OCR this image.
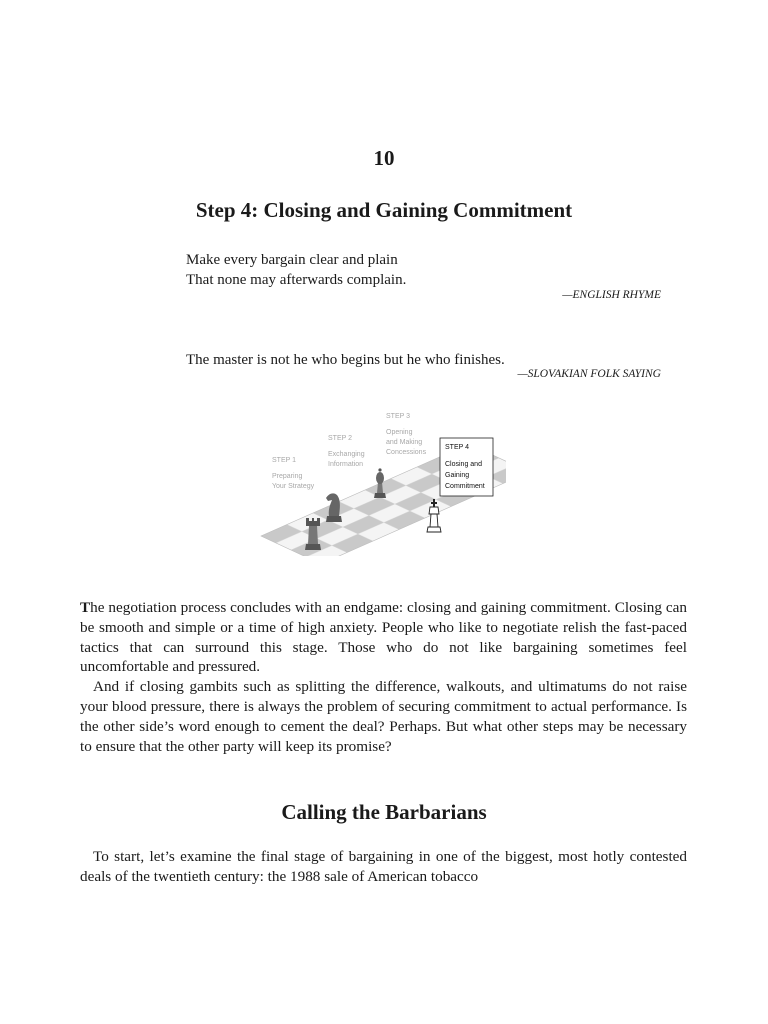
10
Step 4: Closing and Gaining Commitment
Make every bargain clear and plain
That none may afterwards complain.
—ENGLISH RHYME
The master is not he who begins but he who finishes.
—SLOVAKIAN FOLK SAYING
STEP 1
Preparing
Your Strategy
STEP 2
Exchanging
Information
STEP 3
Opening
and Making
Concessions
STEP 4
Closing and
Gaining
Commitment

The negotiation process concludes with an endgame: closing and gaining commitment. Closing can be smooth and simple or a time of high anxiety. People who like to negotiate relish the fast-paced tactics that can surround this stage. Those who do not like bargaining sometimes feel uncomfortable and pressured.

And if closing gambits such as splitting the difference, walkouts, and ultimatums do not raise your blood pressure, there is always the problem of securing commitment to actual performance. Is the other side’s word enough to cement the deal? Perhaps. But what other steps may be necessary to ensure that the other party will keep its promise?

Calling the Barbarians

To start, let’s examine the final stage of bargaining in one of the biggest, most hotly contested deals of the twentieth century: the 1988 sale of American tobacco
